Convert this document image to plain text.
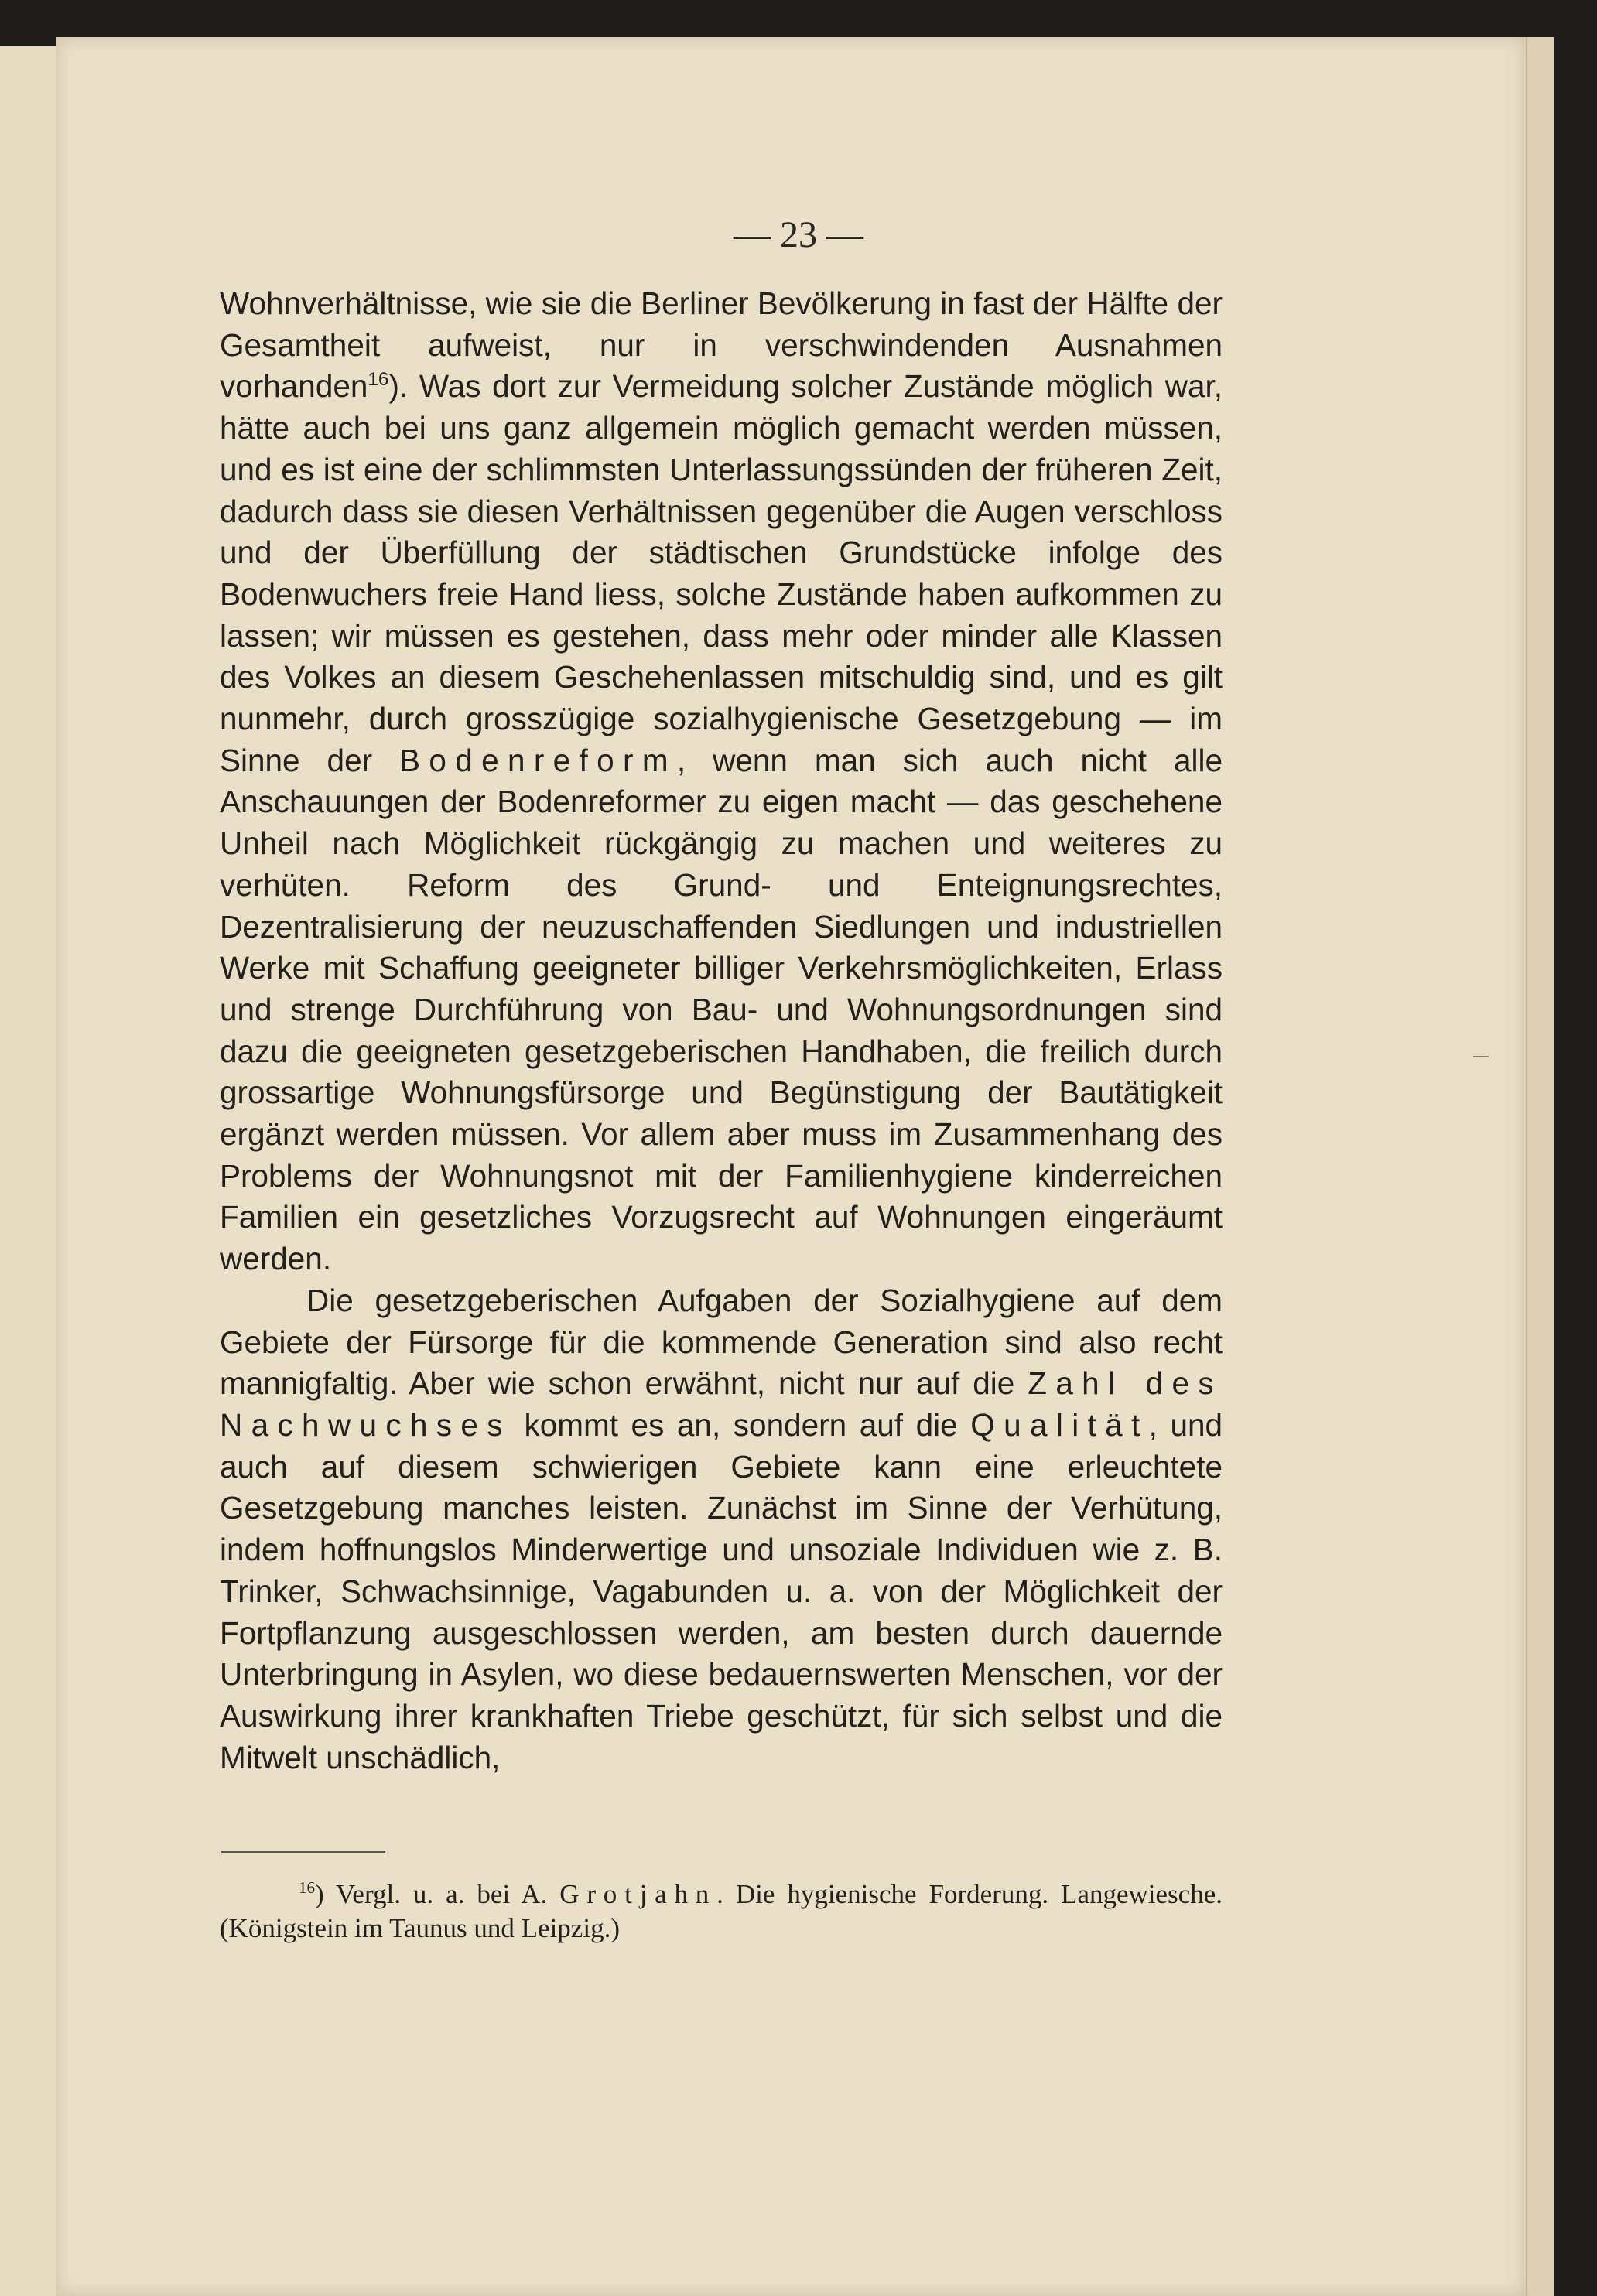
— 23 —

Wohnverhältnisse, wie sie die Berliner Bevölkerung in fast der Hälfte der Gesamtheit aufweist, nur in verschwindenden Ausnahmen vorhanden$^{16}$). Was dort zur Vermeidung solcher Zustände möglich war, hätte auch bei uns ganz allgemein möglich gemacht werden müssen, und es ist eine der schlimmsten Unterlassungssünden der früheren Zeit, dadurch dass sie diesen Verhältnissen gegenüber die Augen verschloss und der Überfüllung der städtischen Grundstücke infolge des Bodenwuchers freie Hand liess, solche Zustände haben aufkommen zu lassen; wir müssen es gestehen, dass mehr oder minder alle Klassen des Volkes an diesem Geschehenlassen mitschuldig sind, und es gilt nunmehr, durch grosszügige sozialhygienische Gesetzgebung — im Sinne der Bodenreform, wenn man sich auch nicht alle Anschauungen der Bodenreformer zu eigen macht — das geschehene Unheil nach Möglichkeit rückgängig zu machen und weiteres zu verhüten. Reform des Grund- und Enteignungsrechtes, Dezentralisierung der neuzuschaffenden Siedlungen und industriellen Werke mit Schaffung geeigneter billiger Verkehrsmöglichkeiten, Erlass und strenge Durchführung von Bau- und Wohnungsordnungen sind dazu die geeigneten gesetzgeberischen Handhaben, die freilich durch grossartige Wohnungsfürsorge und Begünstigung der Bautätigkeit ergänzt werden müssen. Vor allem aber muss im Zusammenhang des Problems der Wohnungsnot mit der Familienhygiene kinderreichen Familien ein gesetzliches Vorzugsrecht auf Wohnungen eingeräumt werden.

Die gesetzgeberischen Aufgaben der Sozialhygiene auf dem Gebiete der Fürsorge für die kommende Generation sind also recht mannigfaltig. Aber wie schon erwähnt, nicht nur auf die Zahl des Nachwuchses kommt es an, sondern auf die Qualität, und auch auf diesem schwierigen Gebiete kann eine erleuchtete Gesetzgebung manches leisten. Zunächst im Sinne der Verhütung, indem hoffnungslos Minderwertige und unsoziale Individuen wie z. B. Trinker, Schwachsinnige, Vagabunden u. a. von der Möglichkeit der Fortpflanzung ausgeschlossen werden, am besten durch dauernde Unterbringung in Asylen, wo diese bedauernswerten Menschen, vor der Auswirkung ihrer krankhaften Triebe geschützt, für sich selbst und die Mitwelt unschädlich,

$^{16}$) Vergl. u. a. bei A. Grotjahn. Die hygienische Forderung. Langewiesche. (Königstein im Taunus und Leipzig.)
